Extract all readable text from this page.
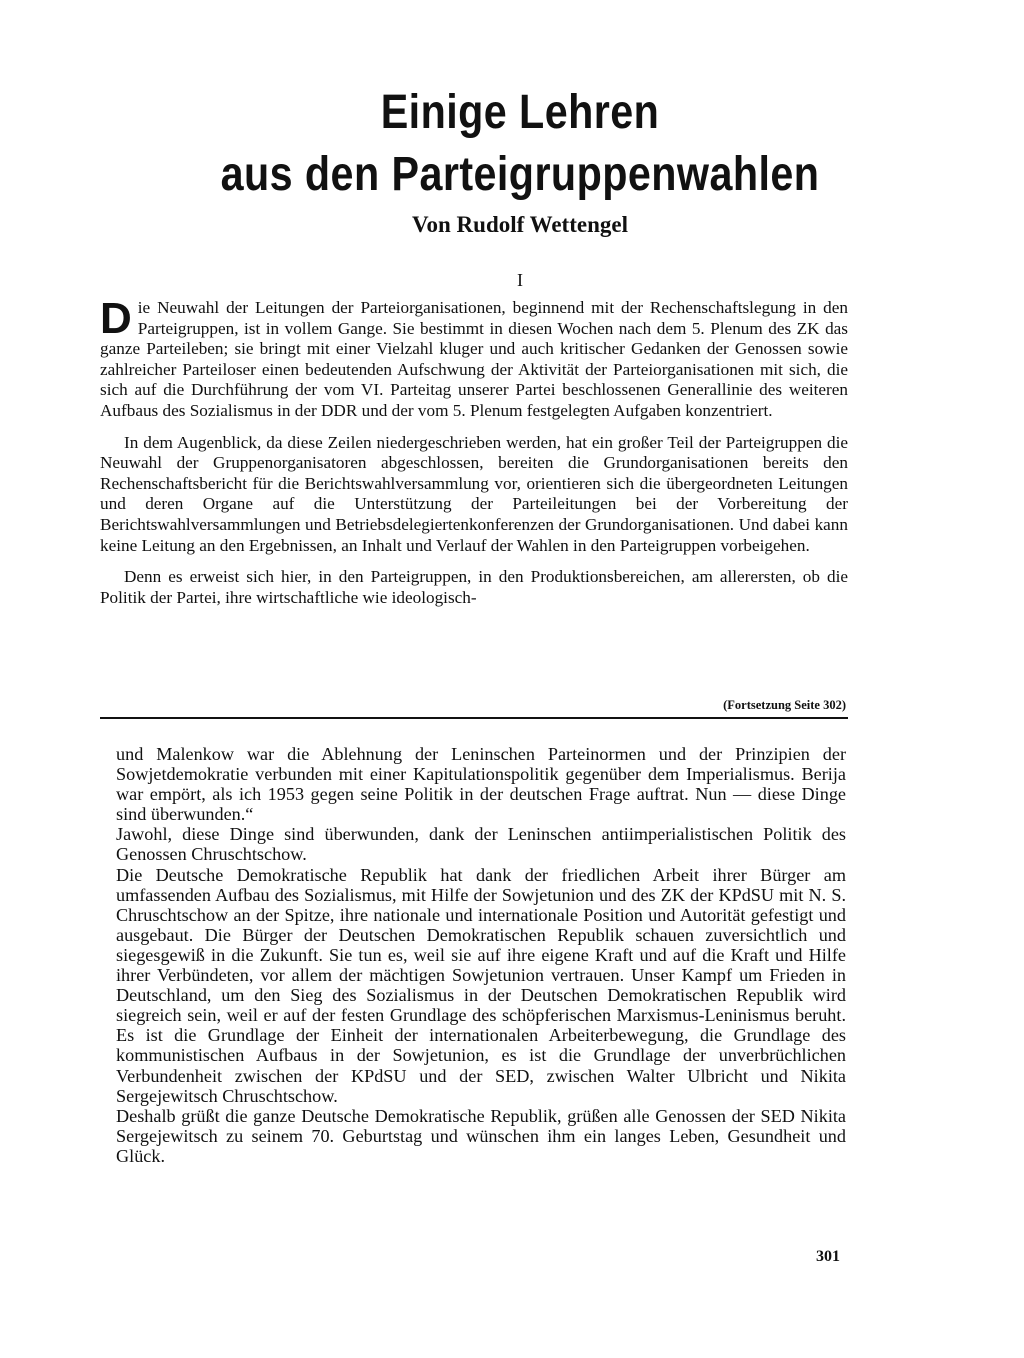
Einige Lehren
aus den Parteigruppenwahlen
Von Rudolf Wettengel
I

Die Neuwahl der Leitungen der Parteiorganisationen, beginnend mit der Rechenschaftslegung in den Parteigruppen, ist in vollem Gange. Sie bestimmt in diesen Wochen nach dem 5. Plenum des ZK das ganze Parteileben; sie bringt mit einer Vielzahl kluger und auch kritischer Gedanken der Genossen sowie zahlreicher Parteiloser einen bedeutenden Aufschwung der Aktivität der Parteiorganisationen mit sich, die sich auf die Durchführung der vom VI. Parteitag unserer Partei beschlossenen Generallinie des weiteren Aufbaus des Sozialismus in der DDR und der vom 5. Plenum festgelegten Aufgaben konzentriert.

In dem Augenblick, da diese Zeilen niedergeschrieben werden, hat ein großer Teil der Parteigruppen die Neuwahl der Gruppenorganisatoren abgeschlossen, bereiten die Grundorganisationen bereits den Rechenschaftsbericht für die Berichtswahlversammlung vor, orientieren sich die übergeordneten Leitungen und deren Organe auf die Unterstützung der Parteileitungen bei der Vorbereitung der Berichtswahlversammlungen und Betriebsdelegiertenkonferenzen der Grundorganisationen. Und dabei kann keine Leitung an den Ergebnissen, an Inhalt und Verlauf der Wahlen in den Parteigruppen vorbeigehen.

Denn es erweist sich hier, in den Parteigruppen, in den Produktionsbereichen, am allerersten, ob die Politik der Partei, ihre wirtschaftliche wie ideologisch-

(Fortsetzung Seite 302)

und Malenkow war die Ablehnung der Leninschen Parteinormen und der Prinzipien der Sowjetdemokratie verbunden mit einer Kapitulationspolitik gegenüber dem Imperialismus. Berija war empört, als ich 1953 gegen seine Politik in der deutschen Frage auftrat. Nun — diese Dinge sind überwunden.“

Jawohl, diese Dinge sind überwunden, dank der Leninschen antiimperialistischen Politik des Genossen Chruschtschow.

Die Deutsche Demokratische Republik hat dank der friedlichen Arbeit ihrer Bürger am umfassenden Aufbau des Sozialismus, mit Hilfe der Sowjetunion und des ZK der KPdSU mit N. S. Chruschtschow an der Spitze, ihre nationale und internationale Position und Autorität gefestigt und ausgebaut. Die Bürger der Deutschen Demokratischen Republik schauen zuversichtlich und siegesgewiß in die Zukunft. Sie tun es, weil sie auf ihre eigene Kraft und auf die Kraft und Hilfe ihrer Verbündeten, vor allem der mächtigen Sowjetunion vertrauen. Unser Kampf um Frieden in Deutschland, um den Sieg des Sozialismus in der Deutschen Demokratischen Republik wird siegreich sein, weil er auf der festen Grundlage des schöpferischen Marxismus-Leninismus beruht. Es ist die Grundlage der Einheit der internationalen Arbeiterbewegung, die Grundlage des kommunistischen Aufbaus in der Sowjetunion, es ist die Grundlage der unverbrüchlichen Verbundenheit zwischen der KPdSU und der SED, zwischen Walter Ulbricht und Nikita Sergejewitsch Chruschtschow.

Deshalb grüßt die ganze Deutsche Demokratische Republik, grüßen alle Genossen der SED Nikita Sergejewitsch zu seinem 70. Geburtstag und wünschen ihm ein langes Leben, Gesundheit und Glück.

301
